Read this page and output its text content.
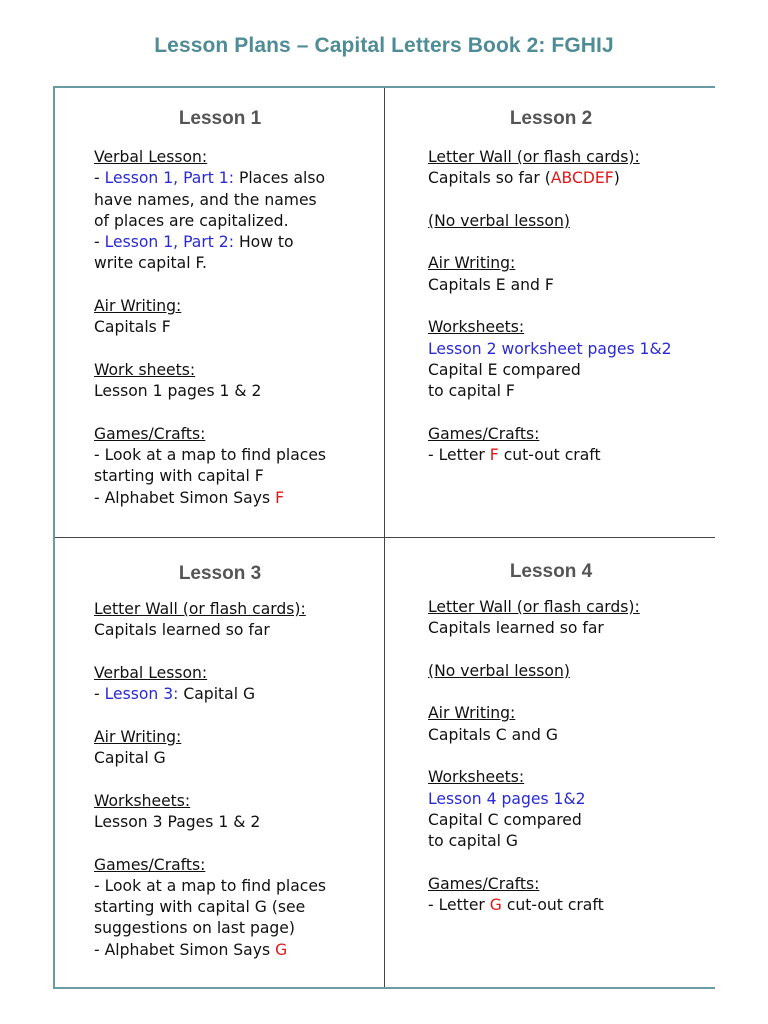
Lesson Plans – Capital Letters Book 2: FGHIJ
Lesson 1
Verbal Lesson:
- Lesson 1, Part 1: Places also
have names, and the names
of places are capitalized.
- Lesson 1, Part 2: How to
write capital F.
Air Writing:
Capitals F
Work sheets:
Lesson 1 pages 1 & 2
Games/Crafts:
- Look at a map to find places
starting with capital F
- Alphabet Simon Says F
Lesson 2
Letter Wall (or flash cards):
Capitals so far (ABCDEF)
(No verbal lesson)
Air Writing:
Capitals E and F
Worksheets:
Lesson 2 worksheet pages 1&2
Capital E compared
to capital F
Games/Crafts:
- Letter F cut-out craft
Lesson 3
Letter Wall (or flash cards):
Capitals learned so far
Verbal Lesson:
- Lesson 3: Capital G
Air Writing:
Capital G
Worksheets:
Lesson 3 Pages 1 & 2
Games/Crafts:
- Look at a map to find places
starting with capital G (see
suggestions on last page)
- Alphabet Simon Says G
Lesson 4
Letter Wall (or flash cards):
Capitals learned so far
(No verbal lesson)
Air Writing:
Capitals C and G
Worksheets:
Lesson 4 pages 1&2
Capital C compared
to capital G
Games/Crafts:
- Letter G cut-out craft
